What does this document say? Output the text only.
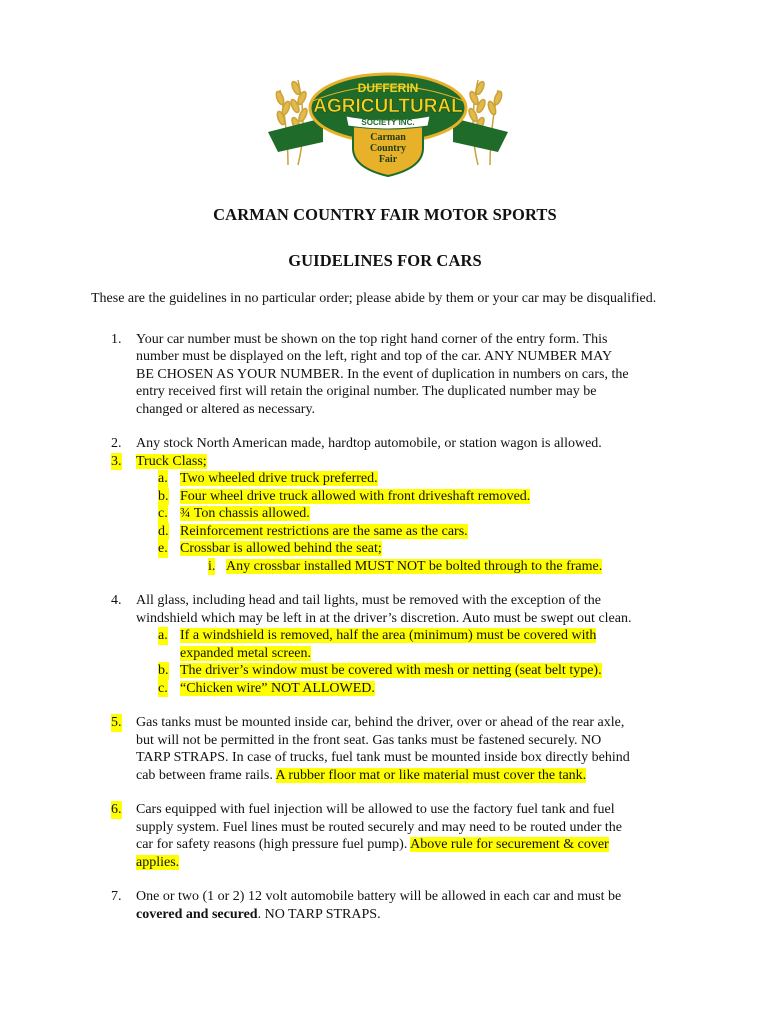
DUFFERIN
AGRICULTURAL
SOCIETY INC.
Carman
Country
Fair
CARMAN COUNTRY FAIR MOTOR SPORTS
GUIDELINES FOR CARS

These are the guidelines in no particular order; please abide by them or your car may be disqualified.

1. Your car number must be shown on the top right hand corner of the entry form. This
number must be displayed on the left, right and top of the car. ANY NUMBER MAY
BE CHOSEN AS YOUR NUMBER. In the event of duplication in numbers on cars, the
entry received first will retain the original number. The duplicated number may be
changed or altered as necessary.
2. Any stock North American made, hardtop automobile, or station wagon is allowed.
3. Truck Class;
a. Two wheeled drive truck preferred.
b. Four wheel drive truck allowed with front driveshaft removed.
c. ¾ Ton chassis allowed.
d. Reinforcement restrictions are the same as the cars.
e. Crossbar is allowed behind the seat;
i. Any crossbar installed MUST NOT be bolted through to the frame.
4. All glass, including head and tail lights, must be removed with the exception of the
windshield which may be left in at the driver’s discretion. Auto must be swept out clean.
a. If a windshield is removed, half the area (minimum) must be covered with
expanded metal screen.
b. The driver’s window must be covered with mesh or netting (seat belt type).
c. “Chicken wire” NOT ALLOWED.
5. Gas tanks must be mounted inside car, behind the driver, over or ahead of the rear axle,
but will not be permitted in the front seat. Gas tanks must be fastened securely. NO
TARP STRAPS. In case of trucks, fuel tank must be mounted inside box directly behind
cab between frame rails. A rubber floor mat or like material must cover the tank.
6. Cars equipped with fuel injection will be allowed to use the factory fuel tank and fuel
supply system. Fuel lines must be routed securely and may need to be routed under the
car for safety reasons (high pressure fuel pump). Above rule for securement & cover
applies.
7. One or two (1 or 2) 12 volt automobile battery will be allowed in each car and must be
covered and secured. NO TARP STRAPS.
